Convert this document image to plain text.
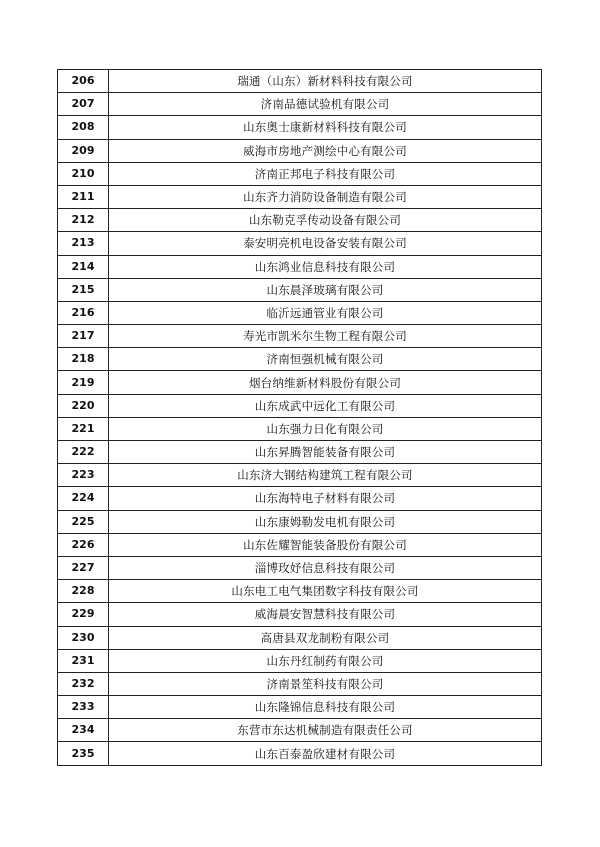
206	瑞通（山东）新材料科技有限公司
207	济南品德试验机有限公司
208	山东奥士康新材料科技有限公司
209	威海市房地产测绘中心有限公司
210	济南正邦电子科技有限公司
211	山东齐力消防设备制造有限公司
212	山东勒克孚传动设备有限公司
213	泰安明亮机电设备安装有限公司
214	山东鸿业信息科技有限公司
215	山东晨泽玻璃有限公司
216	临沂远通管业有限公司
217	寿光市凯米尔生物工程有限公司
218	济南恒强机械有限公司
219	烟台纳维新材料股份有限公司
220	山东成武中远化工有限公司
221	山东强力日化有限公司
222	山东昇腾智能装备有限公司
223	山东济大钢结构建筑工程有限公司
224	山东海特电子材料有限公司
225	山东康姆勒发电机有限公司
226	山东佐耀智能装备股份有限公司
227	淄博玫妤信息科技有限公司
228	山东电工电气集团数字科技有限公司
229	威海晨安智慧科技有限公司
230	高唐县双龙制粉有限公司
231	山东丹红制药有限公司
232	济南景笙科技有限公司
233	山东隆锦信息科技有限公司
234	东营市东达机械制造有限责任公司
235	山东百泰盈欣建材有限公司
